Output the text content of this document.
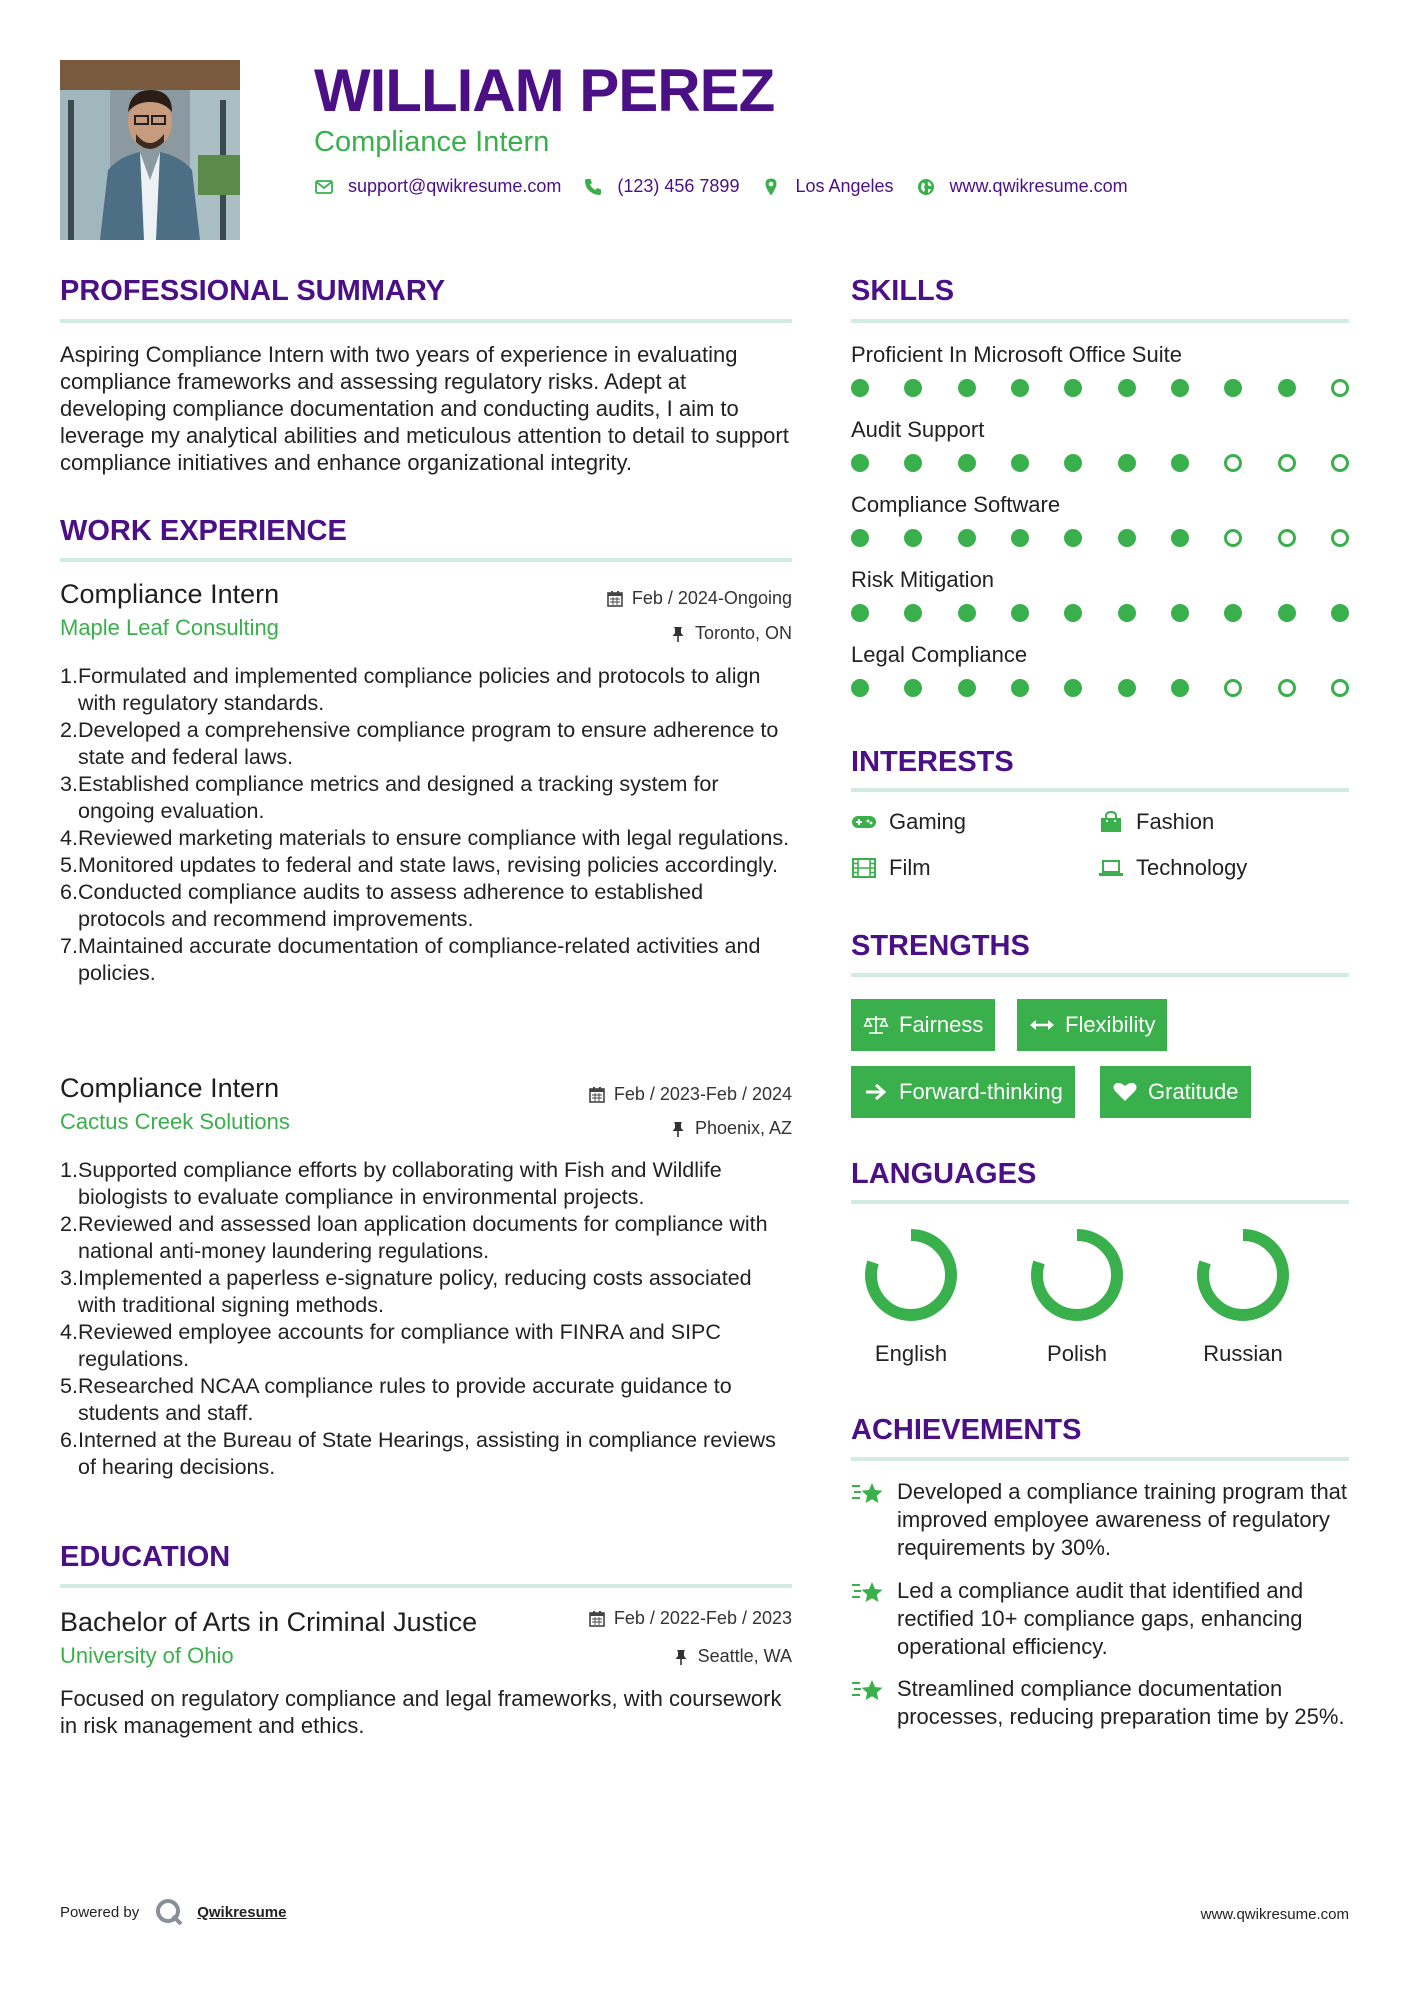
WILLIAM PEREZ
Compliance Intern
support@qwikresume.com	(123) 456 7899	Los Angeles	www.qwikresume.com
PROFESSIONAL SUMMARY
Aspiring Compliance Intern with two years of experience in evaluating compliance frameworks and assessing regulatory risks. Adept at developing compliance documentation and conducting audits, I aim to leverage my analytical abilities and meticulous attention to detail to support compliance initiatives and enhance organizational integrity.
WORK EXPERIENCE
Compliance Intern
Maple Leaf Consulting
Feb / 2024-Ongoing
Toronto, ON
Formulated and implemented compliance policies and protocols to align with regulatory standards.
Developed a comprehensive compliance program to ensure adherence to state and federal laws.
Established compliance metrics and designed a tracking system for ongoing evaluation.
Reviewed marketing materials to ensure compliance with legal regulations.
Monitored updates to federal and state laws, revising policies accordingly.
Conducted compliance audits to assess adherence to established protocols and recommend improvements.
Maintained accurate documentation of compliance-related activities and policies.
Compliance Intern
Cactus Creek Solutions
Feb / 2023-Feb / 2024
Phoenix, AZ
Supported compliance efforts by collaborating with Fish and Wildlife biologists to evaluate compliance in environmental projects.
Reviewed and assessed loan application documents for compliance with national anti-money laundering regulations.
Implemented a paperless e-signature policy, reducing costs associated with traditional signing methods.
Reviewed employee accounts for compliance with FINRA and SIPC regulations.
Researched NCAA compliance rules to provide accurate guidance to students and staff.
Interned at the Bureau of State Hearings, assisting in compliance reviews of hearing decisions.
EDUCATION
Bachelor of Arts in Criminal Justice
University of Ohio
Feb / 2022-Feb / 2023
Seattle, WA
Focused on regulatory compliance and legal frameworks, with coursework in risk management and ethics.
SKILLS
Proficient In Microsoft Office Suite
Audit Support
Compliance Software
Risk Mitigation
Legal Compliance
INTERESTS
Gaming	Fashion
Film	Technology
STRENGTHS
Fairness	Flexibility
Forward-thinking	Gratitude
LANGUAGES
English	Polish	Russian
ACHIEVEMENTS
Developed a compliance training program that improved employee awareness of regulatory requirements by 30%.
Led a compliance audit that identified and rectified 10+ compliance gaps, enhancing operational efficiency.
Streamlined compliance documentation processes, reducing preparation time by 25%.
Powered by	Qwikresume	www.qwikresume.com
